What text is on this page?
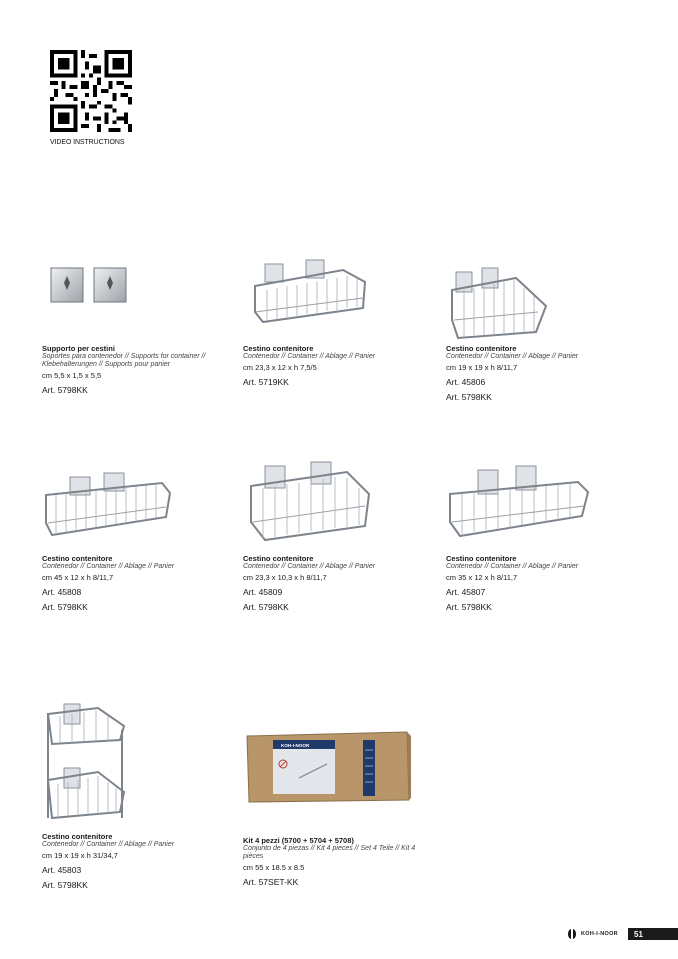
VIDEO INSTRUCTIONS

Supporto per cestini

Soportes para contenedor // Supports for container // Klebehalterungen // Supports pour panier

cm 5,5 x 1,5 x 5,5

Art. 5798KK

Cestino contenitore

Contenedor // Container // Ablage // Panier

cm 23,3 x 12 x h 7,5/5

Art. 5719KK

Cestino contenitore

Contenedor // Container // Ablage // Panier

cm 19 x 19 x h 8/11,7

Art. 45806

Art. 5798KK

Cestino contenitore

Contenedor // Container // Ablage // Panier

cm 45 x 12 x h 8/11,7

Art. 45808

Art. 5798KK

Cestino contenitore

Contenedor // Container // Ablage // Panier

cm 23,3 x 10,3 x h 8/11,7

Art. 45809

Art. 5798KK

Cestino contenitore

Contenedor // Container // Ablage // Panier

cm 35 x 12 x h 8/11,7

Art. 45807

Art. 5798KK

Cestino contenitore

Contenedor // Container // Ablage // Panier

cm 19 x 19 x h 31/34,7

Art. 45803

Art. 5798KK

KOH-I-NOOR

Kit 4 pezzi (5700 + 5704 + 5708)

Conjunto de 4 piezas // Kit 4 pieces // Set 4 Teile // Kit 4 pièces

cm 55 x 18.5 x 8.5

Art. 57SET-KK

KOH-I-NOOR	51
